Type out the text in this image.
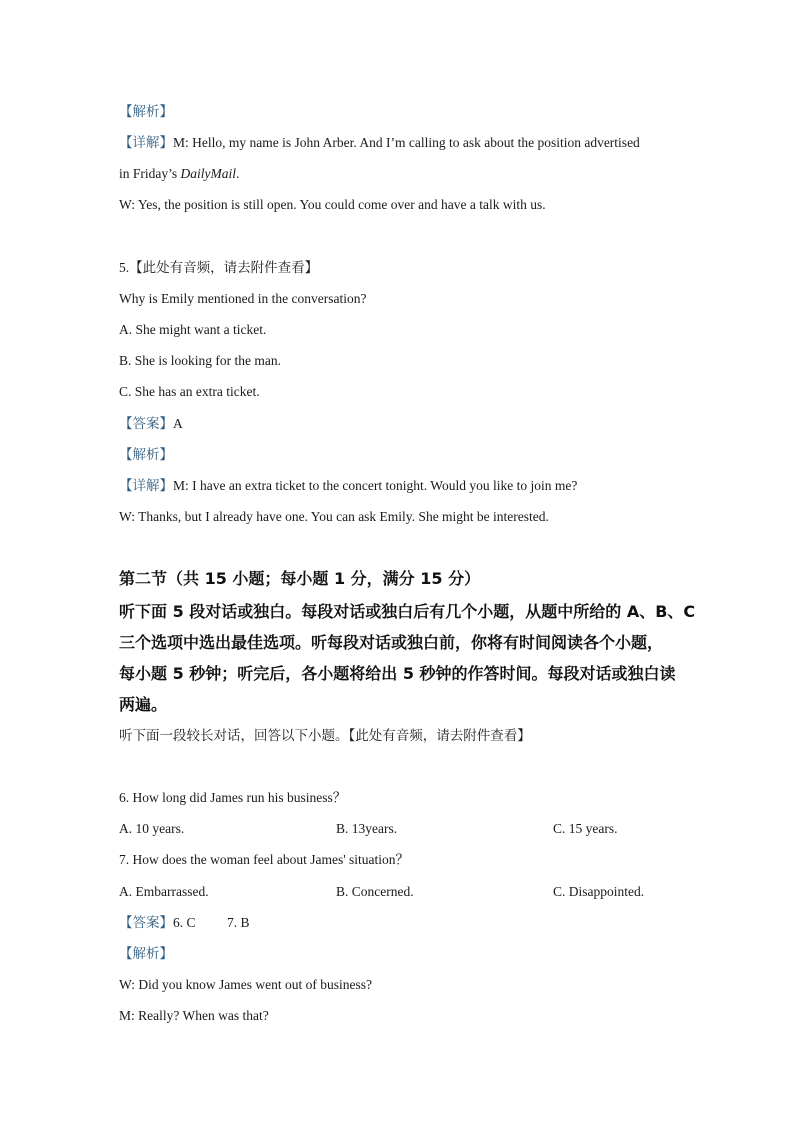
【解析】
【详解】M: Hello, my name is John Arber. And I’m calling to ask about the position advertised
in Friday’s DailyMail.
W: Yes, the position is still open. You could come over and have a talk with us.
5.【此处有音频，请去附件查看】
Why is Emily mentioned in the conversation?
A. She might want a ticket.
B. She is looking for the man.
C. She has an extra ticket.
【答案】A
【解析】
【详解】M: I have an extra ticket to the concert tonight. Would you like to join me?
W: Thanks, but I already have one. You can ask Emily. She might be interested.
第二节（共 15 小题；每小题 1 分，满分 15 分）
听下面 5 段对话或独白。每段对话或独白后有几个小题，从题中所给的 A、B、C
三个选项中选出最佳选项。听每段对话或独白前，你将有时间阅读各个小题，
每小题 5 秒钟；听完后，各小题将给出 5 秒钟的作答时间。每段对话或独白读
两遍。
听下面一段较长对话，回答以下小题。【此处有音频，请去附件查看】
6. How long did James run his business？
A. 10 years.	B. 13years.	C. 15 years.
7. How does the woman feel about James' situation？
A. Embarrassed.	B. Concerned.	C. Disappointed.
【答案】6. C 7. B
【解析】
W: Did you know James went out of business?
M: Really? When was that?
